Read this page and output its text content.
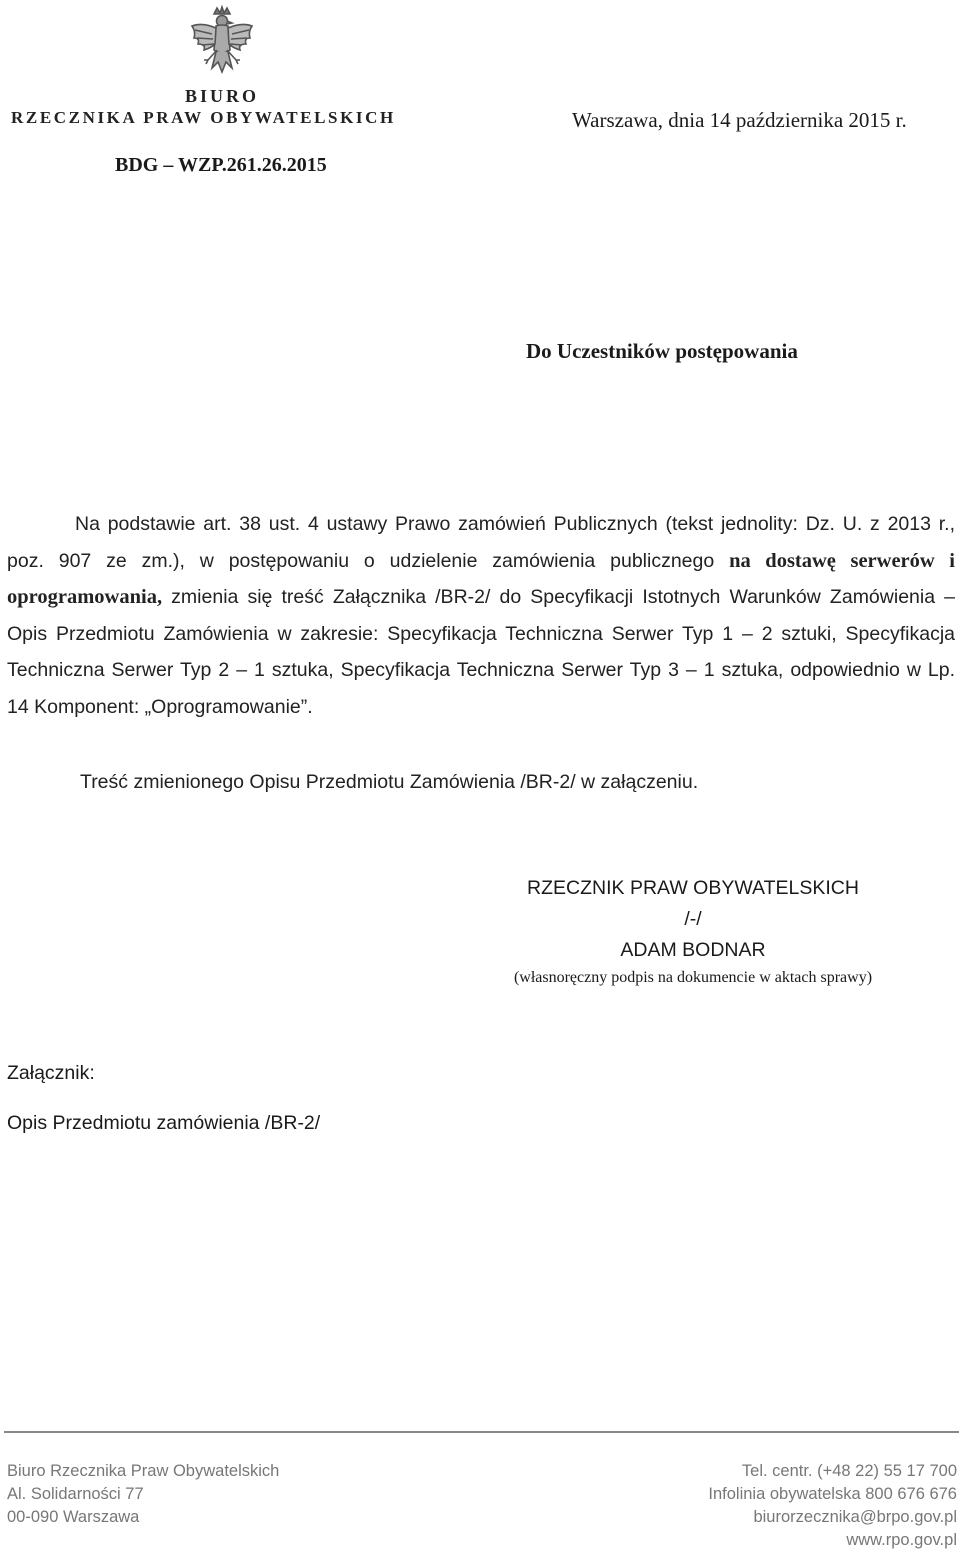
BIURO
RZECZNIKA PRAW OBYWATELSKICH	Warszawa, dnia 14 października 2015 r.
BDG – WZP.261.26.2015
Do Uczestników postępowania
Na podstawie art. 38 ust. 4 ustawy Prawo zamówień Publicznych (tekst jednolity: Dz. U. z 2013 r., poz. 907 ze zm.), w postępowaniu o udzielenie zamówienia publicznego na dostawę serwerów i oprogramowania, zmienia się treść Załącznika /BR-2/ do Specyfikacji Istotnych Warunków Zamówienia – Opis Przedmiotu Zamówienia w zakresie: Specyfikacja Techniczna Serwer Typ 1 – 2 sztuki, Specyfikacja Techniczna Serwer Typ 2 – 1 sztuka, Specyfikacja Techniczna Serwer Typ 3 – 1 sztuka, odpowiednio w Lp. 14 Komponent: „Oprogramowanie”.
Treść zmienionego Opisu Przedmiotu Zamówienia /BR-2/ w załączeniu.
RZECZNIK PRAW OBYWATELSKICH
/-/
ADAM BODNAR
(własnoręczny podpis na dokumencie w aktach sprawy)
Załącznik:
Opis Przedmiotu zamówienia /BR-2/
Biuro Rzecznika Praw Obywatelskich
Al. Solidarności 77
00-090 Warszawa
Tel. centr. (+48 22) 55 17 700
Infolinia obywatelska 800 676 676
biurorzecznika@brpo.gov.pl
www.rpo.gov.pl
